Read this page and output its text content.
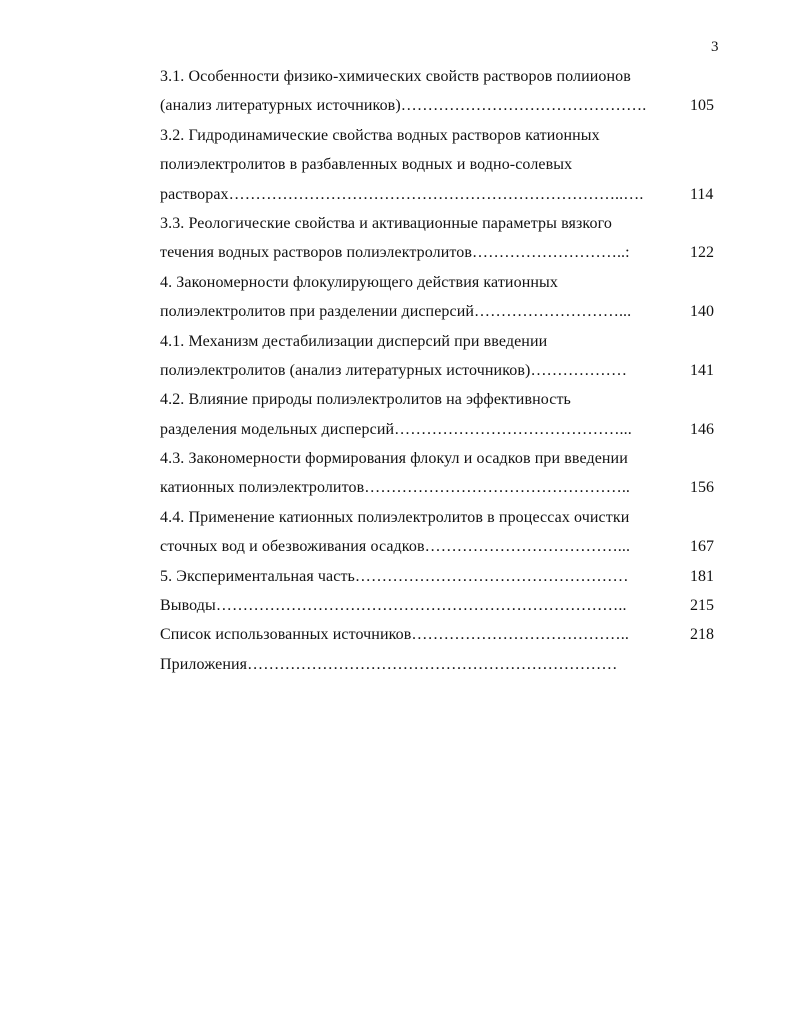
3
3.1. Особенности физико-химических свойств растворов полиионов
(анализ литературных источников)……………………………………….	105
3.2. Гидродинамические свойства водных растворов катионных
полиэлектролитов в разбавленных водных и водно-солевых
растворах………………………………………………………………..….	114
3.3. Реологические свойства и активационные параметры вязкого
течения водных растворов полиэлектролитов………………………..:	122
4. Закономерности флокулирующего действия катионных
полиэлектролитов при разделении дисперсий………………………...	140
4.1. Механизм дестабилизации дисперсий при введении
полиэлектролитов (анализ литературных источников)………………	141
4.2. Влияние природы полиэлектролитов на эффективность
разделения модельных дисперсий……………………………………...	146
4.3. Закономерности формирования флокул и осадков при введении
катионных полиэлектролитов…………………………………………..	156
4.4. Применение катионных полиэлектролитов в процессах очистки
сточных вод и обезвоживания осадков………………………………...	167
5. Экспериментальная часть……………………………………………	181
Выводы…………………………………………………………………..	215
Список использованных источников…………………………………..	218
Приложения……………………………………………………………
